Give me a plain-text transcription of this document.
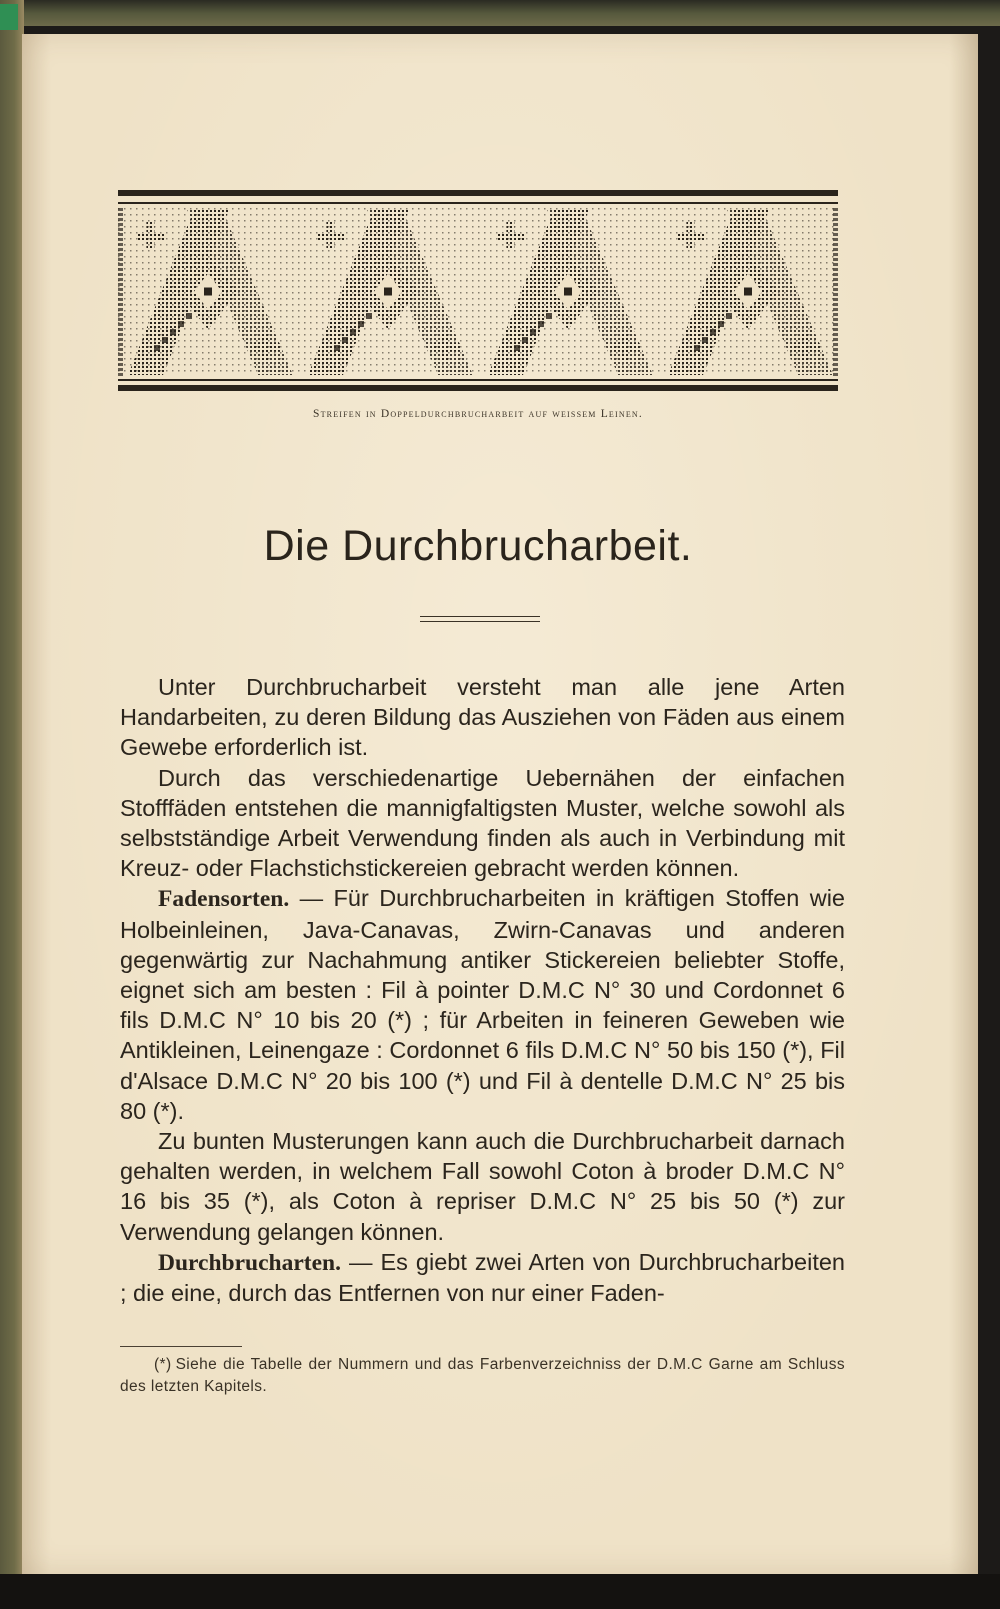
Streifen in Doppeldurchbrucharbeit auf weissem Leinen.
Die Durchbrucharbeit.

Unter Durchbrucharbeit versteht man alle jene Arten Handarbeiten, zu deren Bildung das Ausziehen von Fäden aus einem Gewebe erforderlich ist.

Durch das verschiedenartige Uebernähen der einfachen Stofffäden entstehen die mannigfaltigsten Muster, welche sowohl als selbstständige Arbeit Verwendung finden als auch in Verbindung mit Kreuz- oder Flachstichstickereien gebracht werden können.

Fadensorten. — Für Durchbrucharbeiten in kräftigen Stoffen wie Holbeinleinen, Java-Canavas, Zwirn-Canavas und anderen gegenwärtig zur Nachahmung antiker Stickereien beliebter Stoffe, eignet sich am besten : Fil à pointer D.M.C N° 30 und Cordonnet 6 fils D.M.C N° 10 bis 20 (*) ; für Arbeiten in feineren Geweben wie Antikleinen, Leinengaze : Cordonnet 6 fils D.M.C N° 50 bis 150 (*), Fil d'Alsace D.M.C N° 20 bis 100 (*) und Fil à dentelle D.M.C N° 25 bis 80 (*).

Zu bunten Musterungen kann auch die Durchbrucharbeit darnach gehalten werden, in welchem Fall sowohl Coton à broder D.M.C N° 16 bis 35 (*), als Coton à repriser D.M.C N° 25 bis 50 (*) zur Verwendung gelangen können.

Durchbrucharten. — Es giebt zwei Arten von Durchbrucharbeiten ; die eine, durch das Entfernen von nur einer Faden-

(*) Siehe die Tabelle der Nummern und das Farbenverzeichniss der D.M.C Garne am Schluss des letzten Kapitels.
